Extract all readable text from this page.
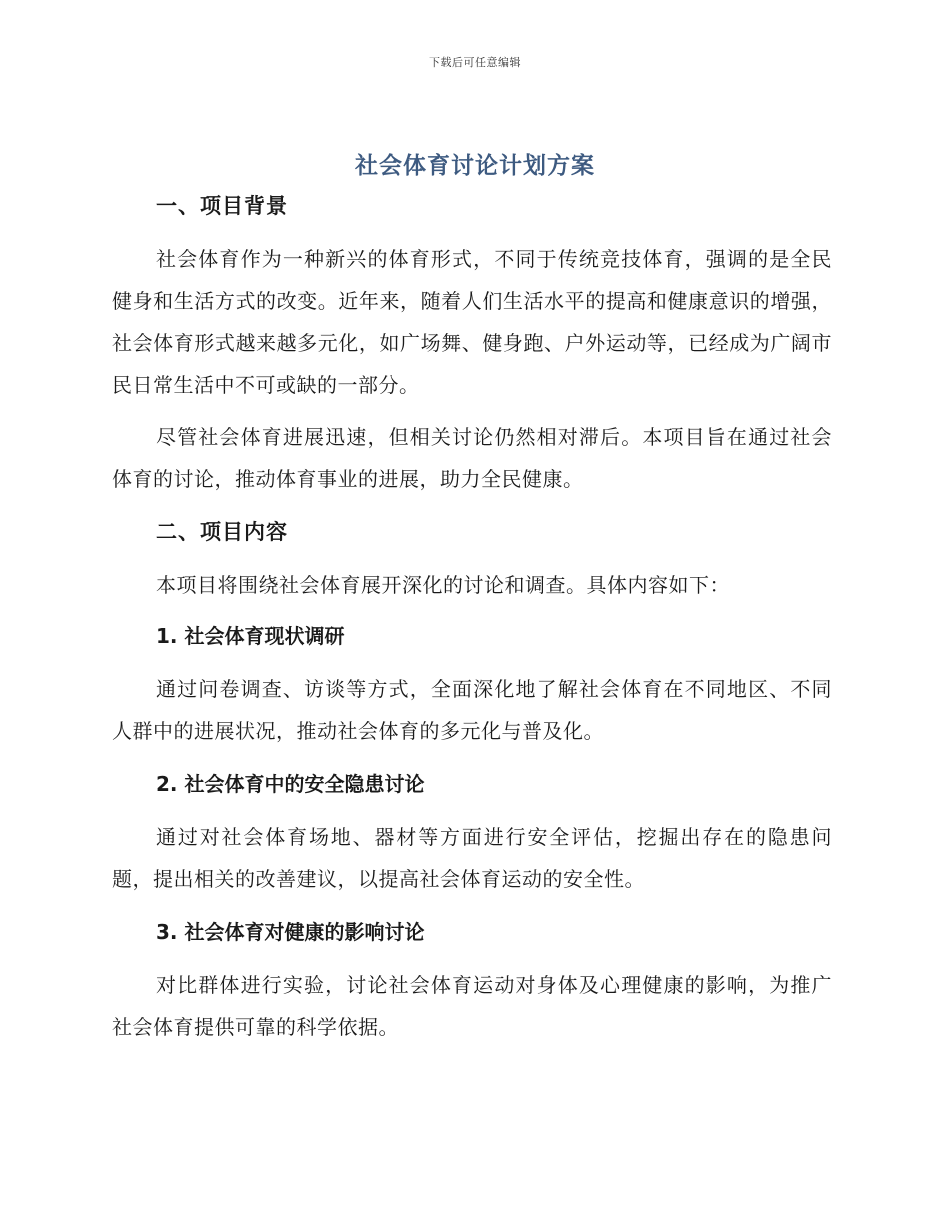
下载后可任意编辑
社会体育讨论计划方案
一、项目背景

社会体育作为一种新兴的体育形式，不同于传统竞技体育，强调的是全民健身和生活方式的改变。近年来，随着人们生活水平的提高和健康意识的增强，社会体育形式越来越多元化，如广场舞、健身跑、户外运动等，已经成为广阔市民日常生活中不可或缺的一部分。

尽管社会体育进展迅速，但相关讨论仍然相对滞后。本项目旨在通过社会体育的讨论，推动体育事业的进展，助力全民健康。

二、项目内容

本项目将围绕社会体育展开深化的讨论和调查。具体内容如下：

1. 社会体育现状调研

通过问卷调查、访谈等方式，全面深化地了解社会体育在不同地区、不同人群中的进展状况，推动社会体育的多元化与普及化。

2. 社会体育中的安全隐患讨论

通过对社会体育场地、器材等方面进行安全评估，挖掘出存在的隐患问题，提出相关的改善建议，以提高社会体育运动的安全性。

3. 社会体育对健康的影响讨论

对比群体进行实验，讨论社会体育运动对身体及心理健康的影响，为推广社会体育提供可靠的科学依据。
